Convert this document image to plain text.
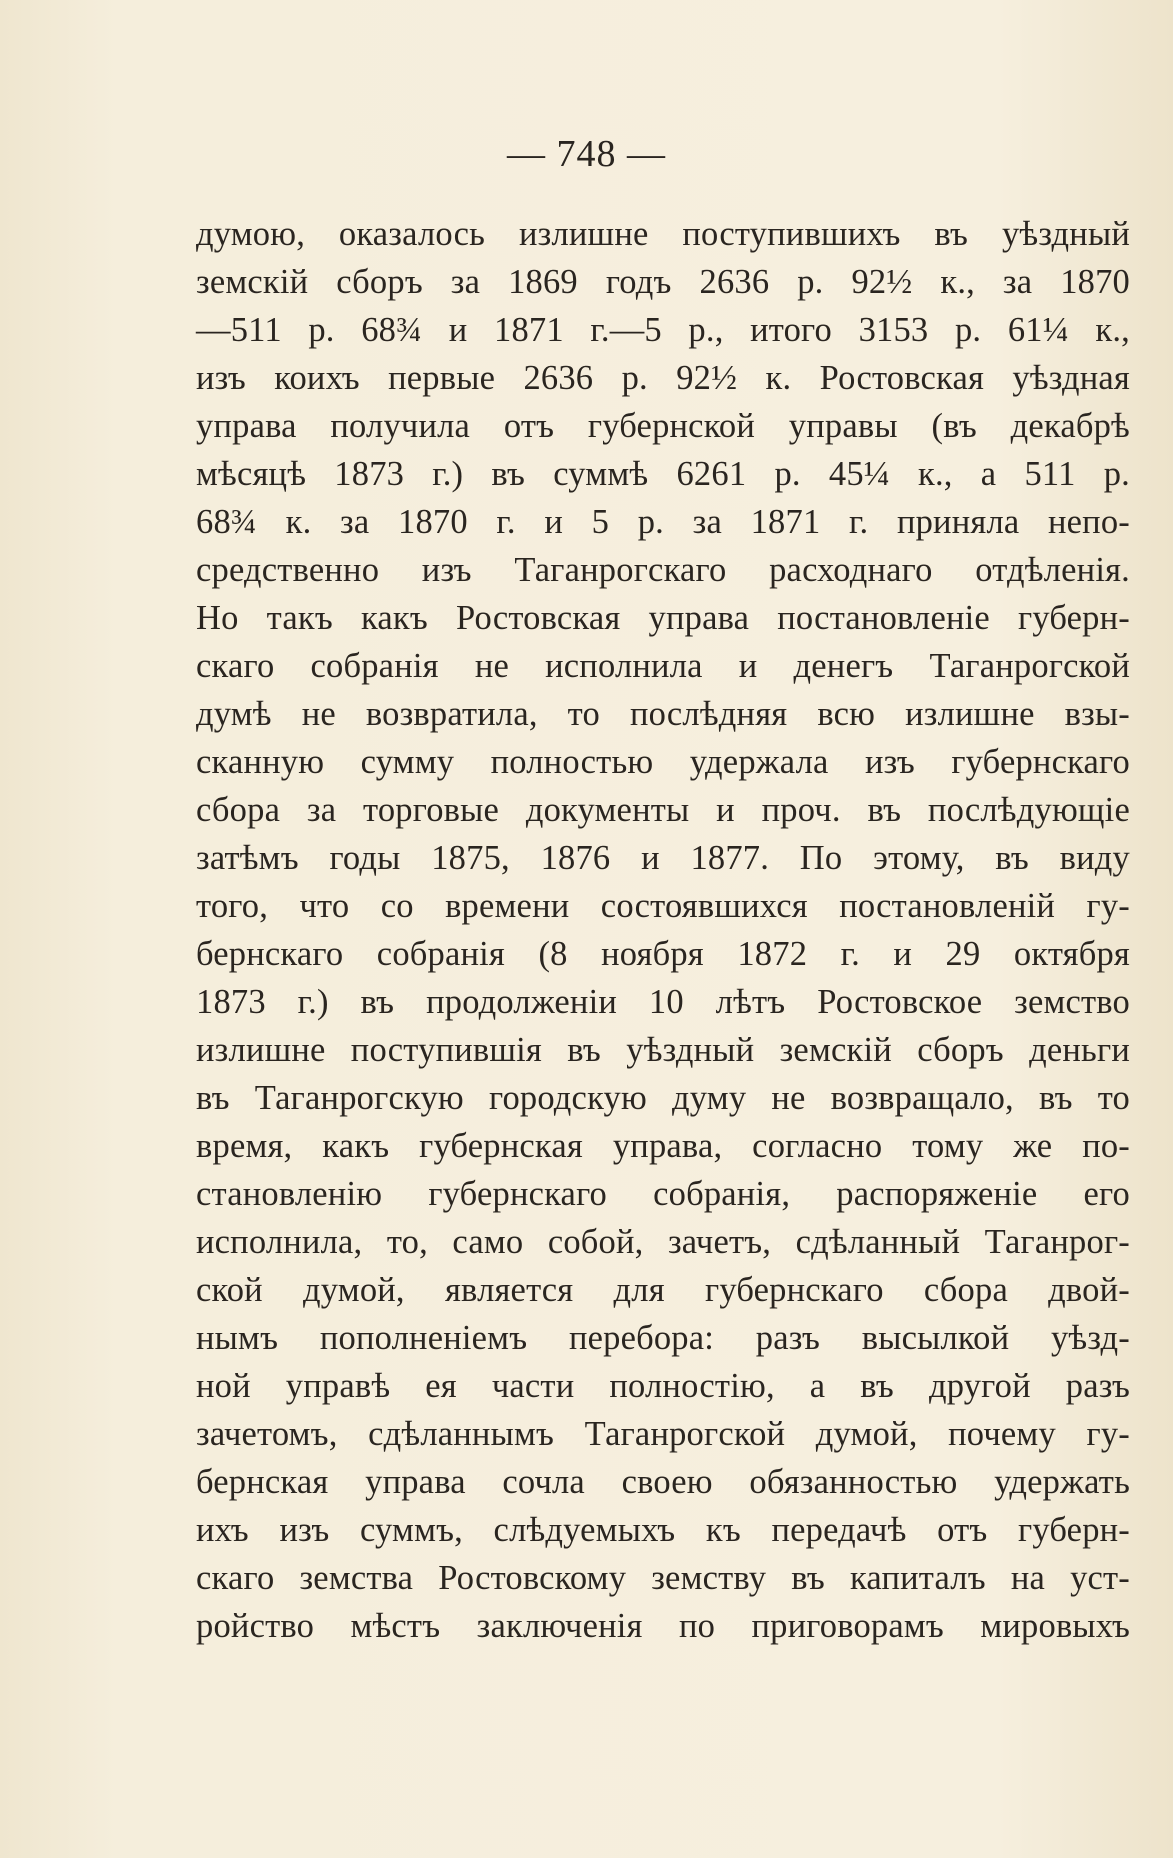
— 748 —
думою, оказалось излишне поступившихъ въ уѣздный
земскій сборъ за 1869 годъ 2636 р. 92½ к., за 1870
—511 р. 68¾ и 1871 г.—5 р., итого 3153 р. 61¼ к.,
изъ коихъ первые 2636 р. 92½ к. Ростовская уѣздная
управа получила отъ губернской управы (въ декабрѣ
мѣсяцѣ 1873 г.) въ суммѣ 6261 р. 45¼ к., а 511 р.
68¾ к. за 1870 г. и 5 р. за 1871 г. приняла непо-
средственно изъ Таганрогскаго расходнаго отдѣленія.
Но такъ какъ Ростовская управа постановленіе губерн-
скаго собранія не исполнила и денегъ Таганрогской
думѣ не возвратила, то послѣдняя всю излишне взы-
сканную сумму полностью удержала изъ губернскаго
сбора за торговые документы и проч. въ послѣдующіе
затѣмъ годы 1875, 1876 и 1877. По этому, въ виду
того, что со времени состоявшихся постановленій гу-
бернскаго собранія (8 ноября 1872 г. и 29 октября
1873 г.) въ продолженіи 10 лѣтъ Ростовское земство
излишне поступившія въ уѣздный земскій сборъ деньги
въ Таганрогскую городскую думу не возвращало, въ то
время, какъ губернская управа, согласно тому же по-
становленію губернскаго собранія, распоряженіе его
исполнила, то, само собой, зачетъ, сдѣланный Таганрог-
ской думой, является для губернскаго сбора двой-
нымъ пополненіемъ перебора: разъ высылкой уѣзд-
ной управѣ ея части полностію, а въ другой разъ
зачетомъ, сдѣланнымъ Таганрогской думой, почему гу-
бернская управа сочла своею обязанностью удержать
ихъ изъ суммъ, слѣдуемыхъ къ передачѣ отъ губерн-
скаго земства Ростовскому земству въ капиталъ на уст-
ройство мѣстъ заключенія по приговорамъ мировыхъ
